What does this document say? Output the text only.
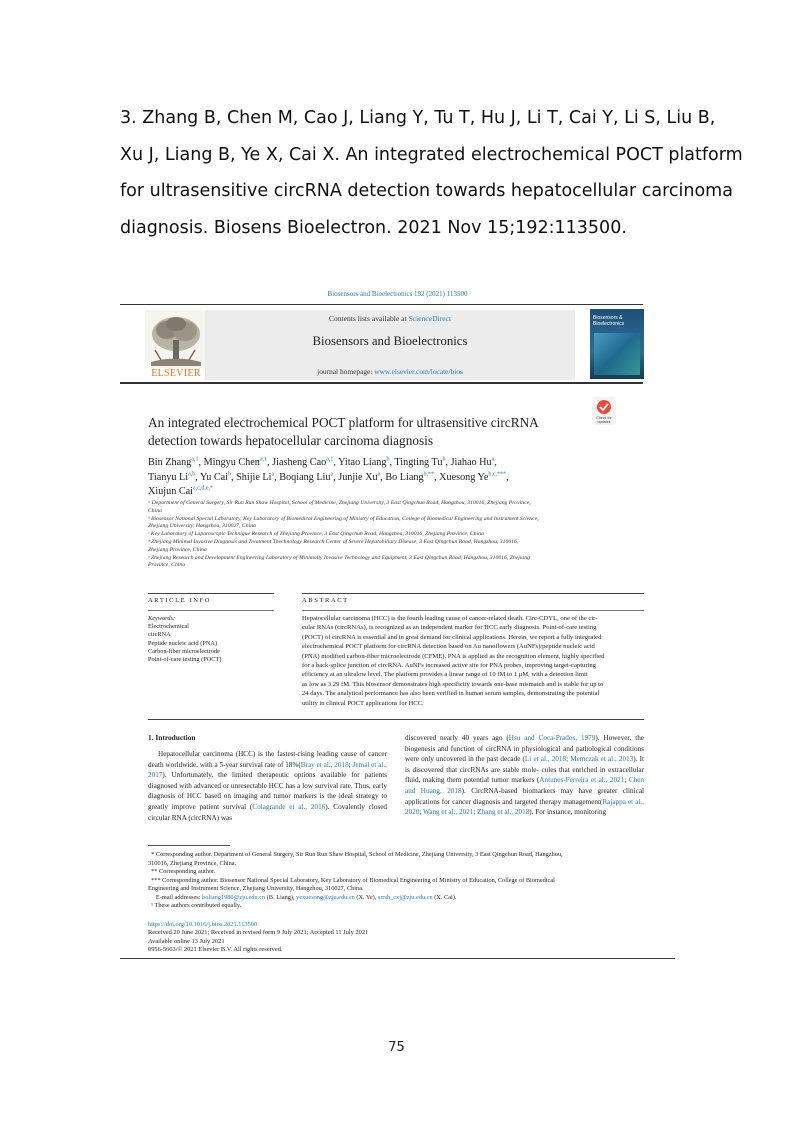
3. Zhang B, Chen M, Cao J, Liang Y, Tu T, Hu J, Li T, Cai Y, Li S, Liu B,
Xu J, Liang B, Ye X, Cai X. An integrated electrochemical POCT platform
for ultrasensitive circRNA detection towards hepatocellular carcinoma
diagnosis. Biosens Bioelectron. 2021 Nov 15;192:113500.
Biosensors and Bioelectronics 192 (2021) 113500
ELSEVIER
Contents lists available at ScienceDirect
Biosensors and Bioelectronics
journal homepage: www.elsevier.com/locate/bios
Biosensors & Bioelectronics
Check for updates
An integrated electrochemical POCT platform for ultrasensitive circRNA
detection towards hepatocellular carcinoma diagnosis
Bin Zhang$^{a,1}$, Mingyu Chen$^{a,1}$, Jiasheng Cao$^{a,1}$, Yitao Liang$^b$, Tingting Tu$^b$, Jiahao Hu$^a$,
Tianyu Li$^{a,b}$, Yu Cai$^b$, Shijie Li$^a$, Boqiang Liu$^a$, Junjie Xu$^a$, Bo Liang$^{b,**}$, Xuesong $Ye^{b,c,***}$,
Xiujun Cai$^{a,c,d,e,*}$
ᵃ Department of General Surgery, Sir Run Run Shaw Hospital, School of Medicine, Zhejiang University, 3 East Qingchun Road, Hangzhou, 310016, Zhejiang Province,
China
ᵇ Biosensor National Special Laboratory, Key Laboratory of Biomedical Engineering of Ministry of Education, College of Biomedical Engineering and Instrument Science,
Zhejiang University, Hangzhou, 310027, China
ᶜ Key Laboratory of Laparoscopic Technique Research of Zhejiang Province, 3 East Qingchun Road, Hangzhou, 310016, Zhejiang Province, China
ᵈ Zhejiang Minimal Invasive Diagnosis and Treatment Thechnology Research Center of Severe Hepatobiliary Disease, 3 East Qingchun Road, Hangzhou, 310016,
Zhejiang Province, China
ᵉ Zhejiang Research and Development Engineering Laboratory of Minimally Invasive Technology and Equipment, 3 East Qingchun Road, Hangzhou, 310016, Zhejiang
Province, China
ARTICLE INFO	ABSTRACT
Keywords:
Electrochemical
circRNA
Peptide nucleic acid (PNA)
Carbon-fiber microelectrode
Point-of-care testing (POCT)
Hepatocellular carcinoma (HCC) is the fourth leading cause of cancer-related death. Circ-CDYL, one of the cir-
cular RNAs (circRNAs), is recognized as an independent marker for HCC early diagnosis. Point-of-care testing
(POCT) of circRNA is essential and in great demand for clinical applications. Herein, we report a fully integrated
electrochemical POCT platform for circRNA detection based on Au nanoflowers (AuNFs)/peptide nucleic acid
(PNA) modified carbon-fiber microelectrode (CFME). PNA is applied as the recognition element, highly specified
for a back-splice junction of circRNA. AuNFs increased active site for PNA probes, improving target-capturing
efficiency at an ultralow level. The platform provides a linear range of 10 fM to 1 μM, with a detection limit
as low as 3.29 fM. This biosensor demonstrates high specificity towards one-base mismatch and is stable for up to
24 days. The analytical performance has also been verified in human serum samples, demonstrating the potential
utility in clinical POCT applications for HCC.
1. Introduction

Hepatocellular carcinoma (HCC) is the fastest-rising leading cause of cancer death worldwide, with a 5-year survival rate of 18%(Bray et al., 2018; Jemal et al., 2017). Unfortunately, the limited therapeutic options available for patients diagnosed with advanced or unresectable HCC has a low survival rate. Thus, early diagnosis of HCC based on imaging and tumor markers is the ideal strategy to greatly improve patient survival (Colagrande et al., 2016). Covalently closed circular RNA (circRNA) was

discovered nearly 40 years ago (Hsu and Coca-Prados, 1979). However, the biogenesis and function of circRNA in physiological and pathological conditions were only uncovered in the past decade (Li et al., 2018; Memczak et al., 2013). It is discovered that circRNAs are stable mole- cules that enriched in extracellular fluid, making them potential tumor markers (Antunes-Ferreira et al., 2021; Chen and Huang, 2018). CircRNA-based biomarkers may have greater clinical applications for cancer diagnosis and targeted therapy management(Rajappa et al., 2020; Wang et al., 2021; Zhang et al., 2018). For instance, monitoring

* Corresponding author. Department of General Surgery, Sir Run Run Shaw Hospital, School of Medicine, Zhejiang University, 3 East Qingchun Road, Hangzhou,
310016, Zhejiang Province, China.
** Corresponding author.
*** Corresponding author. Biosensor National Special Laboratory, Key Laboratory of Biomedical Engineering of Ministry of Education, College of Biomedical
Engineering and Instrument Science, Zhejiang University, Hangzhou, 310027, China.
E-mail addresses: boliang1986@zju.edu.cn (B. Liang), yexuesong@zju.edu.cn (X. Ye), srrsh_cxj@zju.edu.cn (X. Cai).
¹ These authors contributed equally.
https://doi.org/10.1016/j.bios.2021.113500
Received 20 June 2021; Received in revised form 9 July 2021; Accepted 11 July 2021
Available online 13 July 2021
0956-5663/© 2021 Elsevier B.V. All rights reserved.
75
